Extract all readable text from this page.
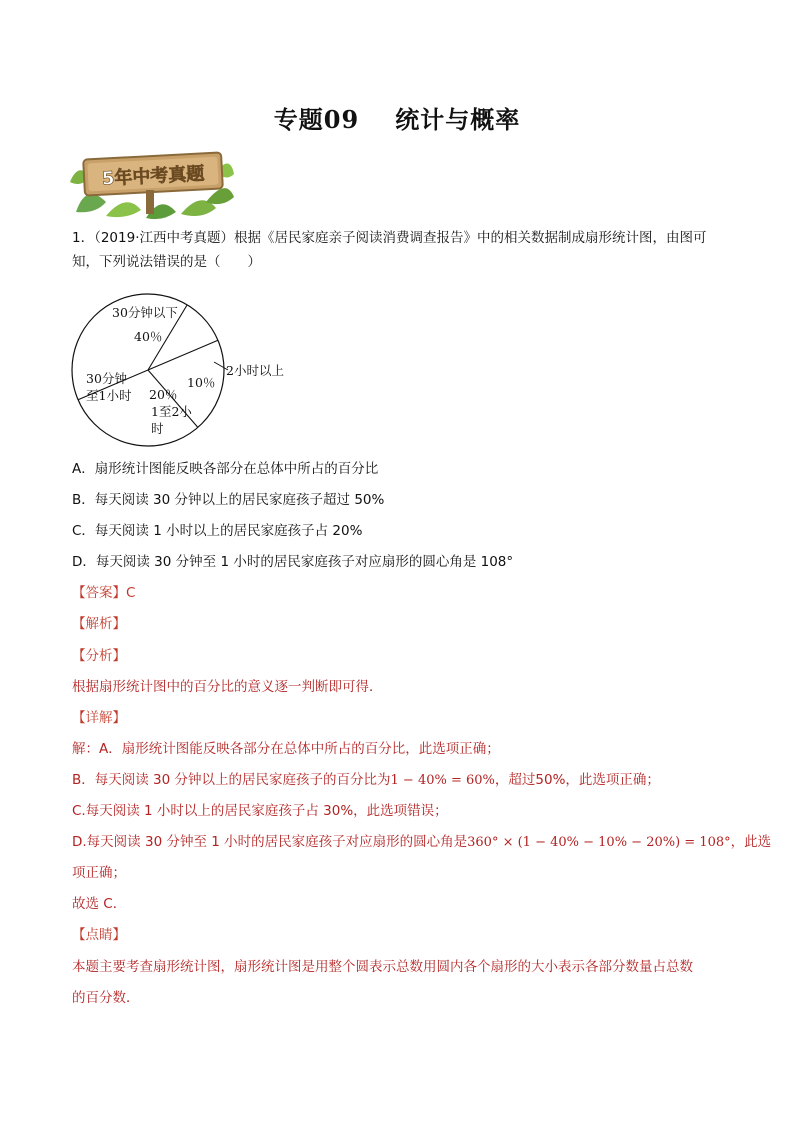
专题09 统计与概率
5年中考真题
1．（2019·江西中考真题）根据《居民家庭亲子阅读消费调查报告》中的相关数据制成扇形统计图，由图可
知，下列说法错误的是（　　）
30分钟以下
40％
2小时以上
10％
30分钟
至1小时 20％
1至2小
时
A．扇形统计图能反映各部分在总体中所占的百分比
B．每天阅读 30 分钟以上的居民家庭孩子超过 50%
C．每天阅读 1 小时以上的居民家庭孩子占 20%
D．每天阅读 30 分钟至 1 小时的居民家庭孩子对应扇形的圆心角是 108°
【答案】C
【解析】
【分析】
根据扇形统计图中的百分比的意义逐一判断即可得．
【详解】
解：A．扇形统计图能反映各部分在总体中所占的百分比，此选项正确；
B．每天阅读 30 分钟以上的居民家庭孩子的百分比为1 − 40% = 60%，超过50%，此选项正确；
C.每天阅读 1 小时以上的居民家庭孩子占 30%，此选项错误；
D.每天阅读 30 分钟至 1 小时的居民家庭孩子对应扇形的圆心角是360° × (1 − 40% − 10% − 20%) = 108°，此选
项正确；
故选 C．
【点睛】
本题主要考查扇形统计图，扇形统计图是用整个圆表示总数用圆内各个扇形的大小表示各部分数量占总数
的百分数．
